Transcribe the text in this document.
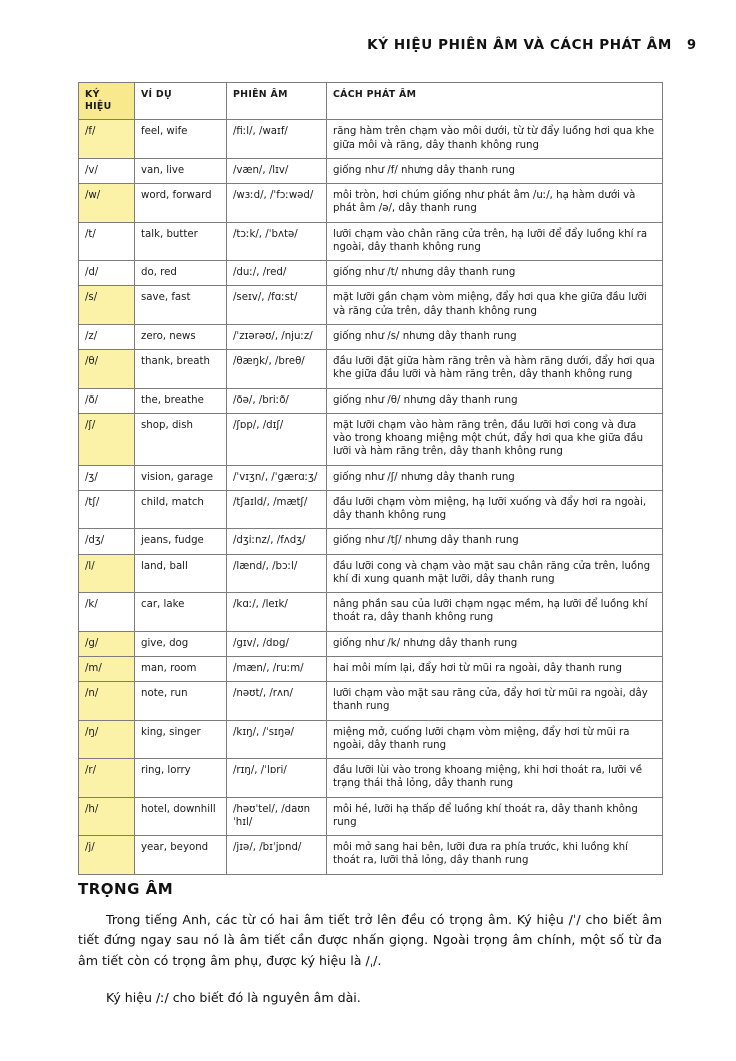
KÝ HIỆU PHIÊN ÂM VÀ CÁCH PHÁT ÂM 9
KÝ HIỆU	VÍ DỤ	PHIÊN ÂM	CÁCH PHÁT ÂM
/f/	feel, wife	/fiːl/, /waɪf/	răng hàm trên chạm vào môi dưới, từ từ đẩy luồng hơi qua khe giữa môi và răng, dây thanh không rung
/v/	van, live	/væn/, /lɪv/	giống như /f/ nhưng dây thanh rung
/w/	word, forward	/wɜːd/, /ˈfɔːwəd/	môi tròn, hơi chúm giống như phát âm /uː/, hạ hàm dưới và phát âm /ə/, dây thanh rung
/t/	talk, butter	/tɔːk/, /ˈbʌtə/	lưỡi chạm vào chân răng cửa trên, hạ lưỡi để đẩy luồng khí ra ngoài, dây thanh không rung
/d/	do, red	/duː/, /red/	giống như /t/ nhưng dây thanh rung
/s/	save, fast	/seɪv/, /fɑːst/	mặt lưỡi gần chạm vòm miệng, đẩy hơi qua khe giữa đầu lưỡi và răng cửa trên, dây thanh không rung
/z/	zero, news	/ˈzɪərəʊ/, /njuːz/	giống như /s/ nhưng dây thanh rung
/θ/	thank, breath	/θæŋk/, /breθ/	đầu lưỡi đặt giữa hàm răng trên và hàm răng dưới, đẩy hơi qua khe giữa đầu lưỡi và hàm răng trên, dây thanh không rung
/ð/	the, breathe	/ðə/, /briːð/	giống như /θ/ nhưng dây thanh rung
/ʃ/	shop, dish	/ʃɒp/, /dɪʃ/	mặt lưỡi chạm vào hàm răng trên, đầu lưỡi hơi cong và đưa vào trong khoang miệng một chút, đẩy hơi qua khe giữa đầu lưỡi và hàm răng trên, dây thanh không rung
/ʒ/	vision, garage	/ˈvɪʒn/, /ˈgærɑːʒ/	giống như /ʃ/ nhưng dây thanh rung
/tʃ/	child, match	/tʃaɪld/, /mætʃ/	đầu lưỡi chạm vòm miệng, hạ lưỡi xuống và đẩy hơi ra ngoài, dây thanh không rung
/dʒ/	jeans, fudge	/dʒiːnz/, /fʌdʒ/	giống như /tʃ/ nhưng dây thanh rung
/l/	land, ball	/lænd/, /bɔːl/	đầu lưỡi cong và chạm vào mặt sau chân răng cửa trên, luồng khí đi xung quanh mặt lưỡi, dây thanh rung
/k/	car, lake	/kɑː/, /leɪk/	nâng phần sau của lưỡi chạm ngạc mềm, hạ lưỡi để luồng khí thoát ra, dây thanh không rung
/g/	give, dog	/gɪv/, /dɒg/	giống như /k/ nhưng dây thanh rung
/m/	man, room	/mæn/, /ruːm/	hai môi mím lại, đẩy hơi từ mũi ra ngoài, dây thanh rung
/n/	note, run	/nəʊt/, /rʌn/	lưỡi chạm vào mặt sau răng cửa, đẩy hơi từ mũi ra ngoài, dây thanh rung
/ŋ/	king, singer	/kɪŋ/, /ˈsɪŋə/	miệng mở, cuống lưỡi chạm vòm miệng, đẩy hơi từ mũi ra ngoài, dây thanh rung
/r/	ring, lorry	/rɪŋ/, /ˈlɒri/	đầu lưỡi lùi vào trong khoang miệng, khi hơi thoát ra, lưỡi về trạng thái thả lỏng, dây thanh rung
/h/	hotel, downhill	/həʊˈtel/, /daʊnˈhɪl/	môi hé, lưỡi hạ thấp để luồng khí thoát ra, dây thanh không rung
/j/	year, beyond	/jɪə/, /bɪˈjɒnd/	môi mở sang hai bên, lưỡi đưa ra phía trước, khi luồng khí thoát ra, lưỡi thả lỏng, dây thanh rung
TRỌNG ÂM
Trong tiếng Anh, các từ có hai âm tiết trở lên đều có trọng âm. Ký hiệu /ˈ/ cho biết âm tiết đứng ngay sau nó là âm tiết cần được nhấn giọng. Ngoài trọng âm chính, một số từ đa âm tiết còn có trọng âm phụ, được ký hiệu là /ˌ/.
Ký hiệu /ː/ cho biết đó là nguyên âm dài.
